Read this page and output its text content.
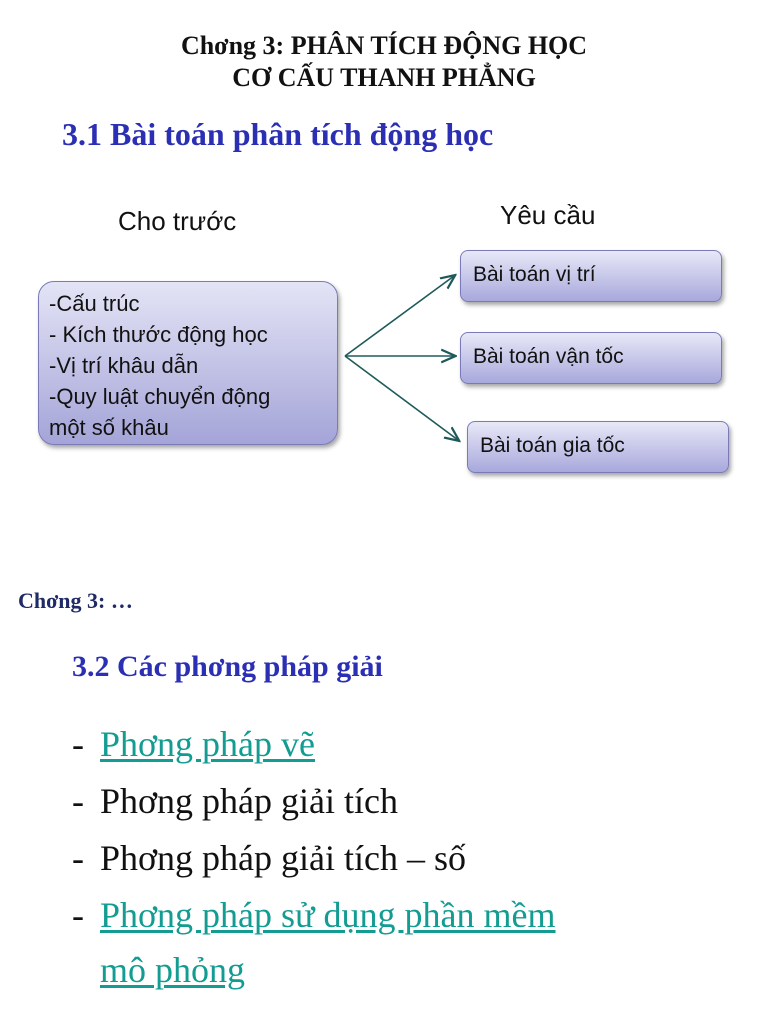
Chơng 3: PHÂN TÍCH ĐỘNG HỌC
CƠ CẤU THANH PHẲNG
3.1 Bài toán phân tích động học
Cho trước	Yêu cầu
-Cấu trúc
- Kích thước động học
-Vị trí khâu dẫn
-Quy luật chuyển động
một số khâu
Bài toán vị trí
Bài toán vận tốc
Bài toán gia tốc
Chơng 3: …
3.2 Các phơng pháp giải
- Phơng pháp vẽ
- Phơng pháp giải tích
- Phơng pháp giải tích – số
- Phơng pháp sử dụng phần mềm
mô phỏng
